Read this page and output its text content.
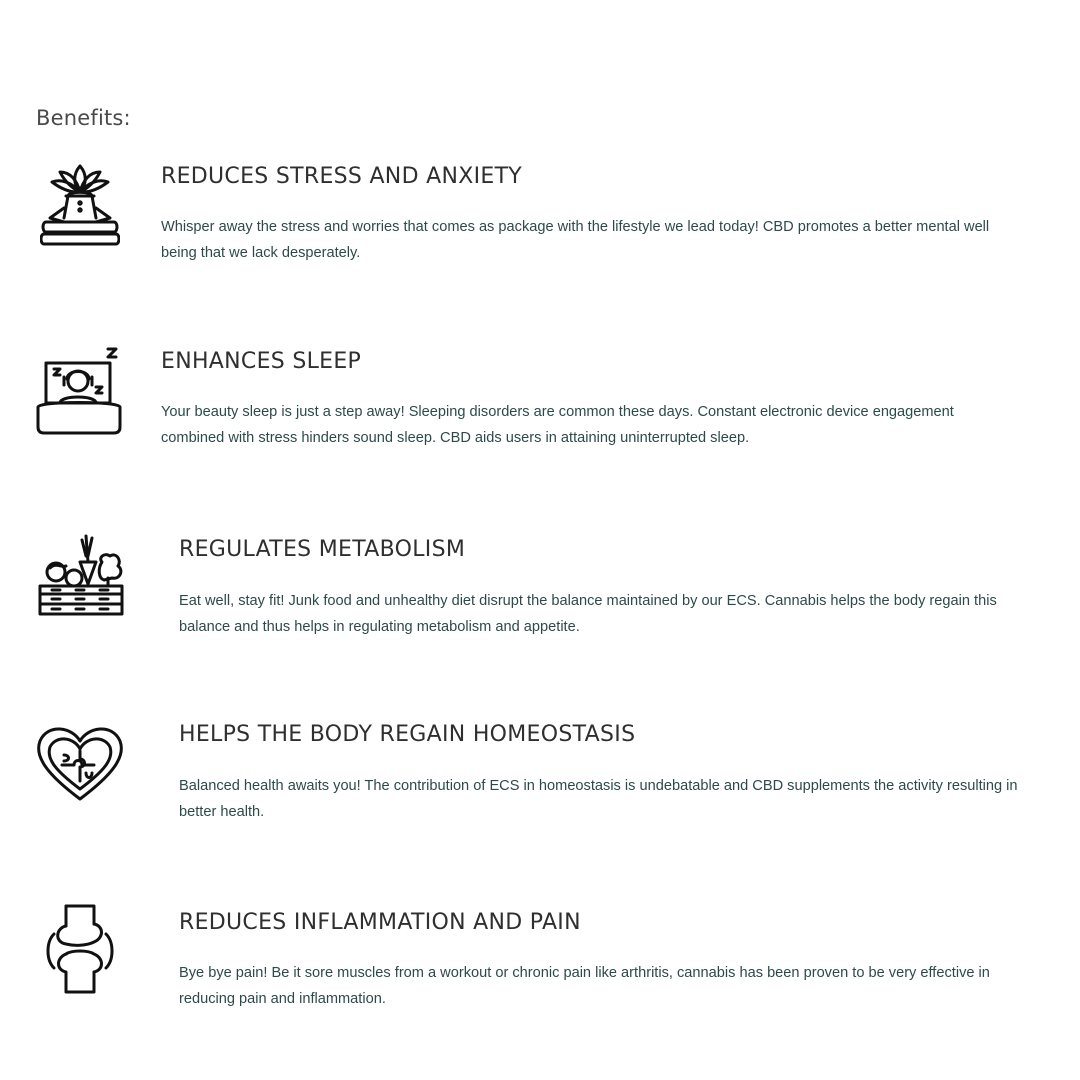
Benefits:
REDUCES STRESS AND ANXIETY

Whisper away the stress and worries that comes as package with the lifestyle we lead today! CBD promotes a better mental well being that we lack desperately.

ENHANCES SLEEP

Your beauty sleep is just a step away! Sleeping disorders are common these days. Constant electronic device engagement combined with stress hinders sound sleep. CBD aids users in attaining uninterrupted sleep.

REGULATES METABOLISM

Eat well, stay fit! Junk food and unhealthy diet disrupt the balance maintained by our ECS. Cannabis helps the body regain this balance and thus helps in regulating metabolism and appetite.

HELPS THE BODY REGAIN HOMEOSTASIS

Balanced health awaits you! The contribution of ECS in homeostasis is undebatable and CBD supplements the activity resulting in better health.

REDUCES INFLAMMATION AND PAIN

Bye bye pain! Be it sore muscles from a workout or chronic pain like arthritis, cannabis has been proven to be very effective in reducing pain and inflammation.
